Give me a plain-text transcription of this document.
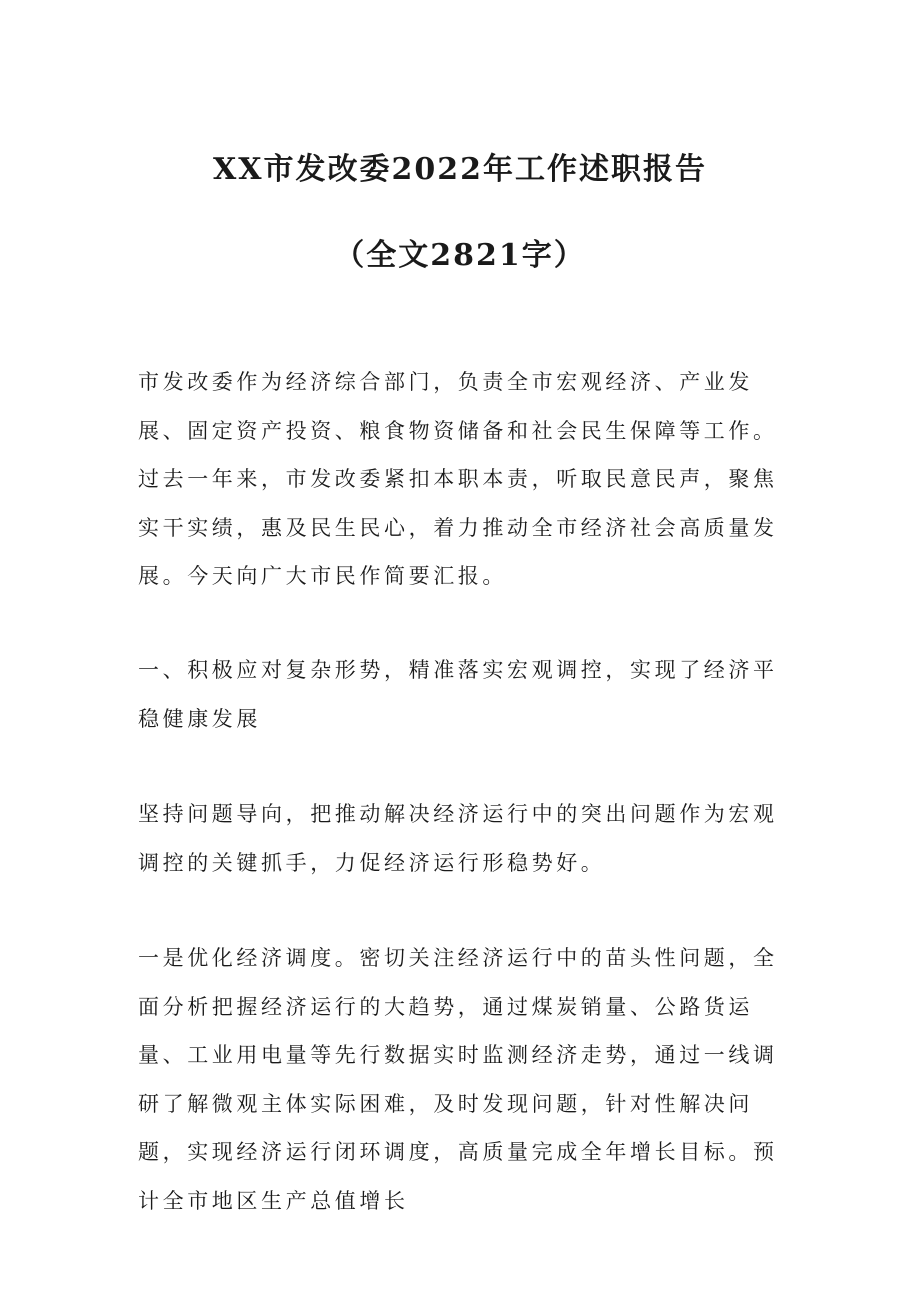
XX市发改委2022年工作述职报告
（全文2821字）

市发改委作为经济综合部门，负责全市宏观经济、产业发展、固定资产投资、粮食物资储备和社会民生保障等工作。过去一年来，市发改委紧扣本职本责，听取民意民声，聚焦实干实绩，惠及民生民心，着力推动全市经济社会高质量发展。今天向广大市民作简要汇报。

一、积极应对复杂形势，精准落实宏观调控，实现了经济平稳健康发展

坚持问题导向，把推动解决经济运行中的突出问题作为宏观调控的关键抓手，力促经济运行形稳势好。

一是优化经济调度。密切关注经济运行中的苗头性问题，全面分析把握经济运行的大趋势，通过煤炭销量、公路货运量、工业用电量等先行数据实时监测经济走势，通过一线调研了解微观主体实际困难，及时发现问题，针对性解决问题，实现经济运行闭环调度，高质量完成全年增长目标。预计全市地区生产总值增长
